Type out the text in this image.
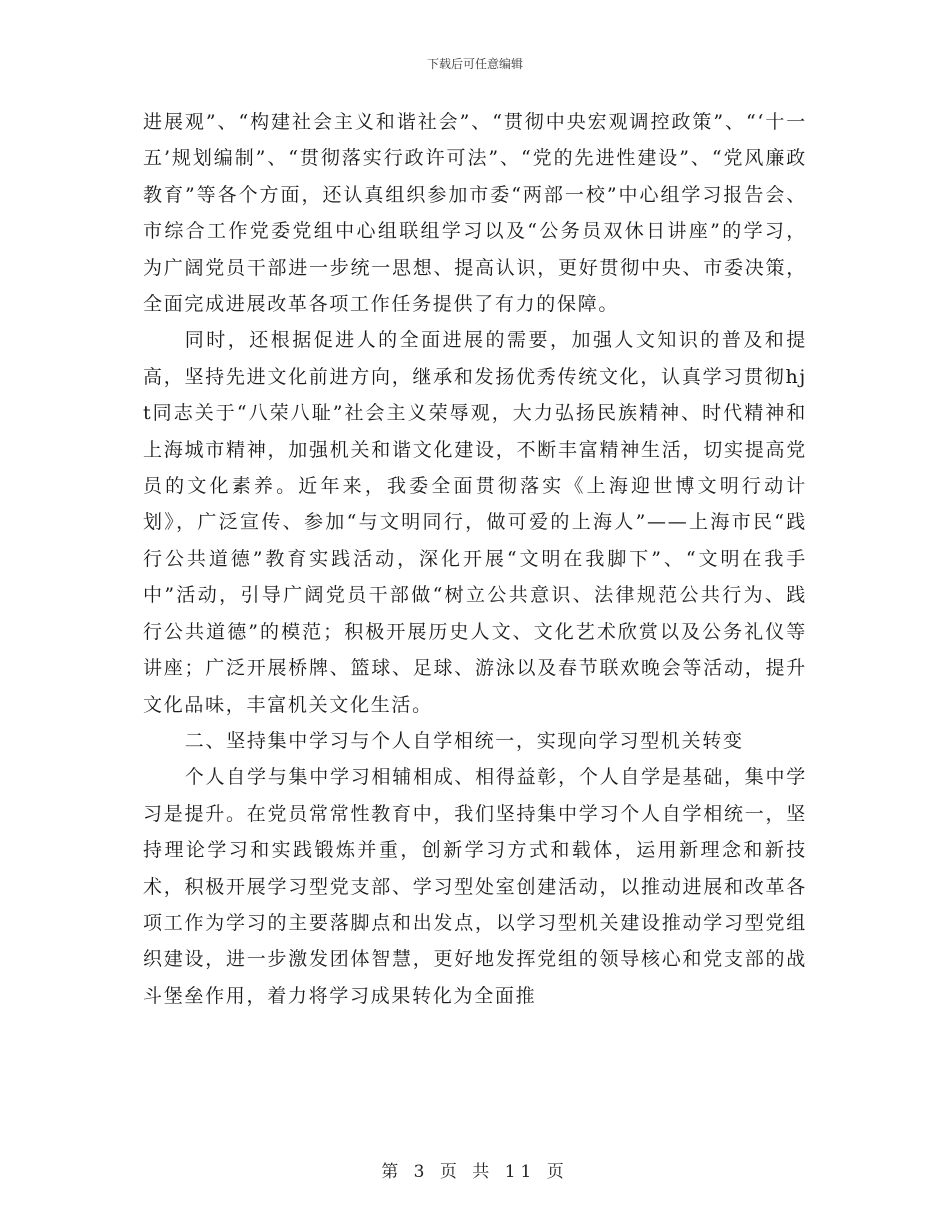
下载后可任意编辑

进展观”、“构建社会主义和谐社会”、“贯彻中央宏观调控政策”、“‘十一五’规划编制”、“贯彻落实行政许可法”、“党的先进性建设”、“党风廉政教育”等各个方面，还认真组织参加市委“两部一校”中心组学习报告会、市综合工作党委党组中心组联组学习以及“公务员双休日讲座”的学习，为广阔党员干部进一步统一思想、提高认识，更好贯彻中央、市委决策，全面完成进展改革各项工作任务提供了有力的保障。

同时，还根据促进人的全面进展的需要，加强人文知识的普及和提高，坚持先进文化前进方向，继承和发扬优秀传统文化，认真学习贯彻hjt同志关于“八荣八耻”社会主义荣辱观，大力弘扬民族精神、时代精神和上海城市精神，加强机关和谐文化建设，不断丰富精神生活，切实提高党员的文化素养。近年来，我委全面贯彻落实《上海迎世博文明行动计划》，广泛宣传、参加“与文明同行，做可爱的上海人”——上海市民“践行公共道德”教育实践活动，深化开展“文明在我脚下”、“文明在我手中”活动，引导广阔党员干部做“树立公共意识、法律规范公共行为、践行公共道德”的模范；积极开展历史人文、文化艺术欣赏以及公务礼仪等讲座；广泛开展桥牌、篮球、足球、游泳以及春节联欢晚会等活动，提升文化品味，丰富机关文化生活。

二、坚持集中学习与个人自学相统一，实现向学习型机关转变

个人自学与集中学习相辅相成、相得益彰，个人自学是基础，集中学习是提升。在党员常常性教育中，我们坚持集中学习个人自学相统一，坚持理论学习和实践锻炼并重，创新学习方式和载体，运用新理念和新技术，积极开展学习型党支部、学习型处室创建活动，以推动进展和改革各项工作为学习的主要落脚点和出发点，以学习型机关建设推动学习型党组织建设，进一步激发团体智慧，更好地发挥党组的领导核心和党支部的战斗堡垒作用，着力将学习成果转化为全面推

第 3 页 共 11 页
